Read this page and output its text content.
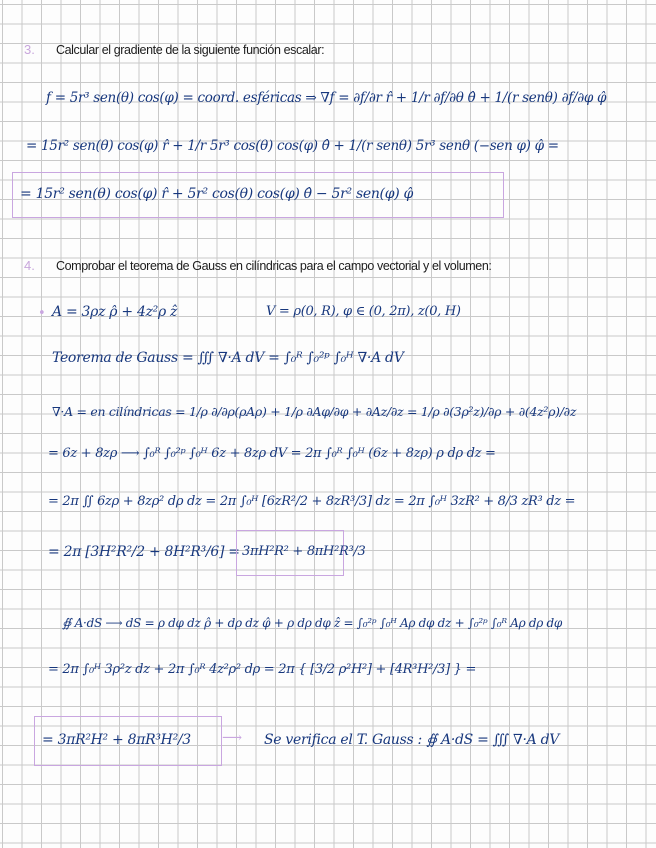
3. Calcular el gradiente de la siguiente función escalar:
f = 5r³ sen(θ) cos(φ) = coord. esféricas ⇒ ∇f = ∂f/∂r r̂ + 1/r ∂f/∂θ θ̂ + 1/(r senθ) ∂f/∂φ φ̂
= 15r² sen(θ) cos(φ) r̂ + 1/r 5r³ cos(θ) cos(φ) θ̂ + 1/(r senθ) 5r³ senθ (−sen φ) φ̂ =
= 15r² sen(θ) cos(φ) r̂ + 5r² cos(θ) cos(φ) θ̂ − 5r² sen(φ) φ̂
4. Comprobar el teorema de Gauss en cilíndricas para el campo vectorial y el volumen:
A = 3ρz ρ̂ + 4z²ρ ẑ	V = ρ(0, R), φ ∈ (0, 2π), z(0, H)
•
Teorema de Gauss = ∭ ∇·A dV = ∫₀ᴿ ∫₀²ᵖ ∫₀ᴴ ∇·A dV
∇·A = en cilíndricas = 1/ρ ∂/∂ρ(ρAρ) + 1/ρ ∂Aφ/∂φ + ∂Az/∂z = 1/ρ ∂(3ρ²z)/∂ρ + ∂(4z²ρ)/∂z
= 6z + 8zρ ⟶ ∫₀ᴿ ∫₀²ᵖ ∫₀ᴴ 6z + 8zρ dV = 2π ∫₀ᴿ ∫₀ᴴ (6z + 8zρ) ρ dρ dz =
= 2π ∬ 6zρ + 8zρ² dρ dz = 2π ∫₀ᴴ [6zR²/2 + 8zR³/3] dz = 2π ∫₀ᴴ 3zR² + 8/3 zR³ dz =
= 2π [3H²R²/2 + 8H²R³/6] = 3πH²R² + 8πH²R³/3
∯ A·dS ⟶ dS = ρ dφ dz ρ̂ + dρ dz φ̂ + ρ dρ dφ ẑ = ∫₀²ᵖ ∫₀ᴴ Aρ dφ dz + ∫₀²ᵖ ∫₀ᴿ Aρ dρ dφ
= 2π ∫₀ᴴ 3ρ²z dz + 2π ∫₀ᴿ 4z²ρ² dρ = 2π { [3/2 ρ²H²] + [4R³H²/3] } =
= 3πR²H² + 8πR³H²/3 ⟶ Se verifica el T. Gauss : ∯ A·dS = ∭ ∇·A dV
